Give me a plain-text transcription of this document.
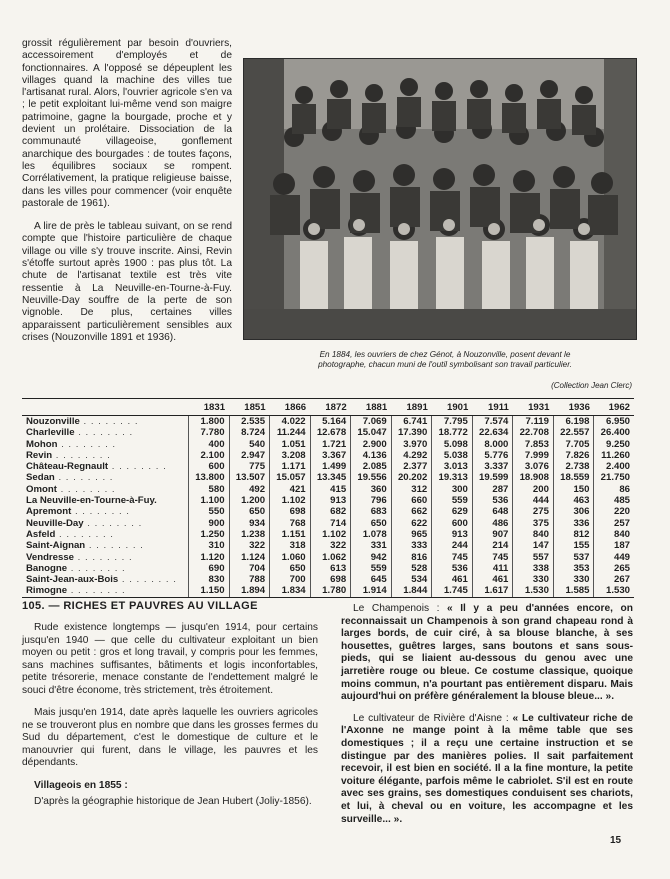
grossit régulièrement par besoin d'ouvriers, accessoirement d'employés et de fonctionnaires. A l'opposé se dépeuplent les villages quand la machine des villes tue l'artisanat rural. Alors, l'ouvrier agricole s'en va ; le petit exploitant lui-même vend son maigre patrimoine, gagne la bourgade, proche et y devient un prolétaire. Dissociation de la communauté villageoise, gonflement anarchique des bourgades : de toutes façons, les équilibres sociaux se rompent. Corrélativement, la pratique religieuse baisse, dans les villes pour commencer (voir enquête pastorale de 1961).

A lire de près le tableau suivant, on se rend compte que l'histoire particulière de chaque village ou ville s'y trouve inscrite. Ainsi, Revin s'étoffe surtout après 1900 : pas plus tôt. La chute de l'artisanat textile est très vite ressentie à La Neuville-en-Tourne-à-Fuy. Neuville-Day souffre de la perte de son vignoble. De plus, certaines villes apparaissent particulièrement sensibles aux crises (Nouzonville 1891 et 1936).

En 1884, les ouvriers de chez Génot, à Nouzonville, posent devant le photographe, chacun muni de l'outil symbolisant son travail particulier.
(Collection Jean Clerc)
	1831	1851	1866	1872	1881	1891	1901	1911	1931	1936	1962
Nouzonville . . . . . . . .	1.800	2.535	4.022	5.164	7.069	6.741	7.795	7.574	7.119	6.198	6.950
Charleville . . . . . . . .	7.780	8.724	11.244	12.678	15.047	17.390	18.772	22.634	22.708	22.557	26.400
Mohon . . . . . . . .	400	540	1.051	1.721	2.900	3.970	5.098	8.000	7.853	7.705	9.250
Revin . . . . . . . .	2.100	2.947	3.208	3.367	4.136	4.292	5.038	5.776	7.999	7.826	11.260
Château-Regnault . . . . . . . .	600	775	1.171	1.499	2.085	2.377	3.013	3.337	3.076	2.738	2.400
Sedan . . . . . . . .	13.800	13.507	15.057	13.345	19.556	20.202	19.313	19.599	18.908	18.559	21.750
Omont . . . . . . . .	580	492	421	415	360	312	300	287	200	150	86
La Neuville-en-Tourne-à-Fuy.	1.100	1.200	1.102	913	796	660	559	536	444	463	485
Apremont . . . . . . . .	550	650	698	682	683	662	629	648	275	306	220
Neuville-Day . . . . . . . .	900	934	768	714	650	622	600	486	375	336	257
Asfeld . . . . . . . .	1.250	1.238	1.151	1.102	1.078	965	913	907	840	812	840
Saint-Aignan . . . . . . . .	310	322	318	322	331	333	244	214	147	155	187
Vendresse . . . . . . . .	1.120	1.124	1.060	1.062	942	816	745	745	557	537	449
Banogne . . . . . . . .	690	704	650	613	559	528	536	411	338	353	265
Saint-Jean-aux-Bois . . . . . . . .	830	788	700	698	645	534	461	461	330	330	267
Rimogne . . . . . . . .	1.150	1.894	1.834	1.780	1.914	1.844	1.745	1.617	1.530	1.585	1.530
105. — RICHES ET PAUVRES AU VILLAGE

Rude existence longtemps — jusqu'en 1914, pour certains jusqu'en 1940 — que celle du cultivateur exploitant un bien moyen ou petit : gros et long travail, y compris pour les femmes, sans machines suffisantes, bâtiments et logis inconfortables, petite trésorerie, menace constante de l'endettement malgré le souci d'être économe, très strictement, très étroitement.

Mais jusqu'en 1914, date après laquelle les ouvriers agricoles ne se trouveront plus en nombre que dans les grosses fermes du Sud du département, c'est le domestique de culture et le manouvrier qui furent, dans le village, les pauvres et les dépendants.

Villageois en 1855 :

D'après la géographie historique de Jean Hubert (Joliy-1856).

Le Champenois : « Il y a peu d'années encore, on reconnaissait un Champenois à son grand chapeau rond à larges bords, de cuir ciré, à sa blouse blanche, à ses housettes, guêtres larges, sans boutons et sans sous-pieds, qui se liaient au-dessous du genou avec une jarretière rouge ou bleue. Ce costume classique, quoique moins commun, n'a pourtant pas entièrement disparu. Mais aujourd'hui on préfère généralement la blouse bleue... ».

Le cultivateur de Rivière d'Aisne : « Le cultivateur riche de l'Axonne ne mange point à la même table que ses domestiques ; il a reçu une certaine instruction et se distingue par des manières polies. Il sait parfaitement recevoir, il est bien en société. Il a la fine monture, la petite voiture élégante, parfois même le cabriolet. S'il est en route avec ses grains, ses domestiques conduisent ses chariots, et lui, à cheval ou en voiture, les accompagne et les surveille... ».

15
